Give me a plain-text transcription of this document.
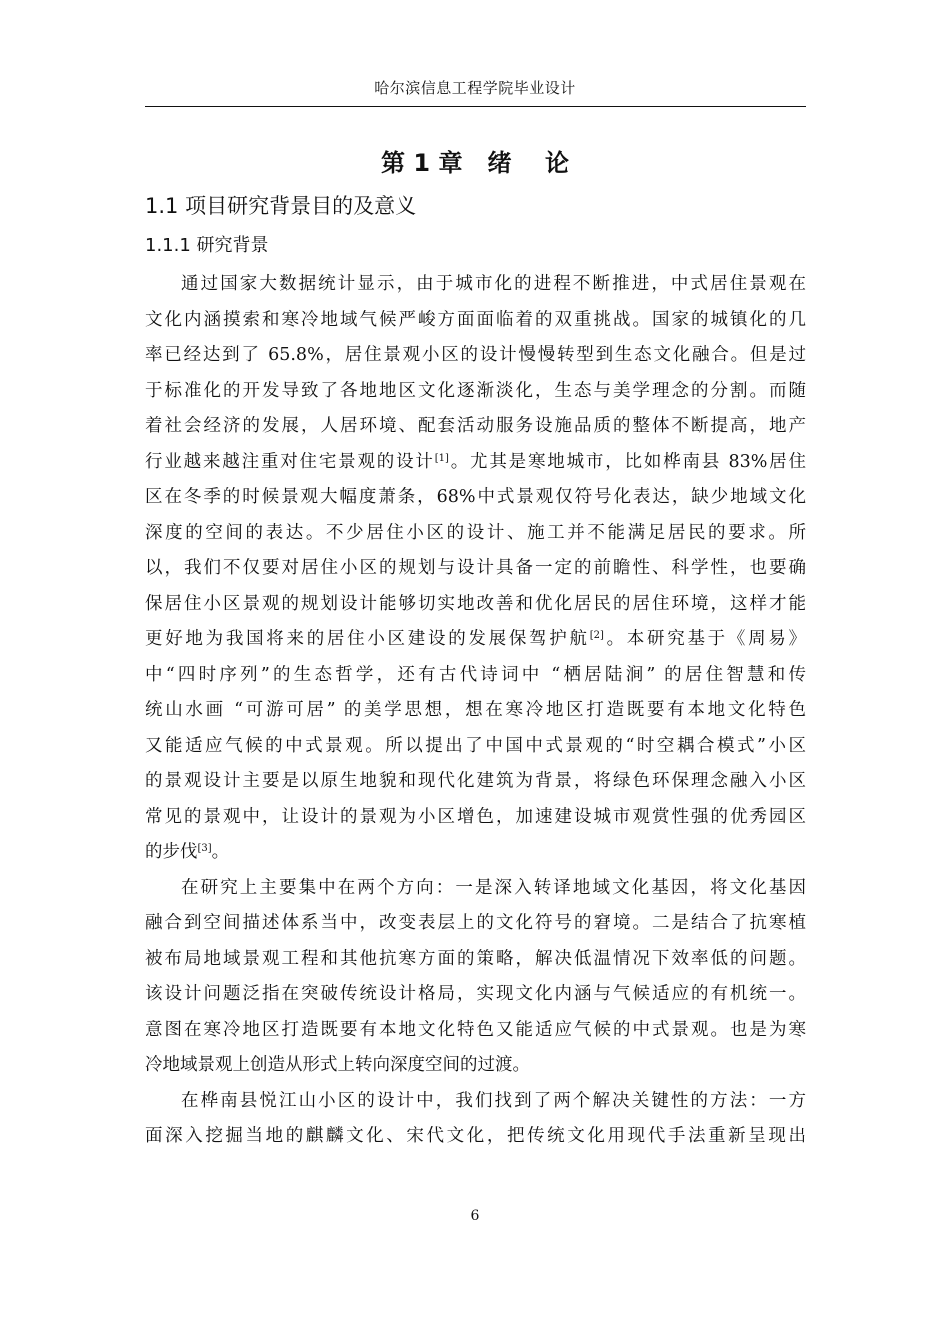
哈尔滨信息工程学院毕业设计
第 1 章   绪    论
1.1 项目研究背景目的及意义
1.1.1 研究背景
通过国家大数据统计显示，由于城市化的进程不断推进，中式居住景观在
文化内涵摸索和寒冷地域气候严峻方面面临着的双重挑战。国家的城镇化的几
率已经达到了 65.8%，居住景观小区的设计慢慢转型到生态文化融合。但是过
于标准化的开发导致了各地地区文化逐渐淡化，生态与美学理念的分割。而随
着社会经济的发展，人居环境、配套活动服务设施品质的整体不断提高，地产
行业越来越注重对住宅景观的设计[1]。尤其是寒地城市，比如桦南县 83%居住
区在冬季的时候景观大幅度萧条，68%中式景观仅符号化表达，缺少地域文化
深度的空间的表达。不少居住小区的设计、施工并不能满足居民的要求。所
以，我们不仅要对居住小区的规划与设计具备一定的前瞻性、科学性，也要确
保居住小区景观的规划设计能够切实地改善和优化居民的居住环境，这样才能
更好地为我国将来的居住小区建设的发展保驾护航[2]。本研究基于《周易》
中“四时序列”的生态哲学，还有古代诗词中 “栖居陆涧” 的居住智慧和传
统山水画 “可游可居” 的美学思想，想在寒冷地区打造既要有本地文化特色
又能适应气候的中式景观。所以提出了中国中式景观的“时空耦合模式”小区
的景观设计主要是以原生地貌和现代化建筑为背景，将绿色环保理念融入小区
常见的景观中，让设计的景观为小区增色，加速建设城市观赏性强的优秀园区
的步伐[3]。
在研究上主要集中在两个方向：一是深入转译地域文化基因，将文化基因
融合到空间描述体系当中，改变表层上的文化符号的窘境。二是结合了抗寒植
被布局地域景观工程和其他抗寒方面的策略，解决低温情况下效率低的问题。
该设计问题泛指在突破传统设计格局，实现文化内涵与气候适应的有机统一。
意图在寒冷地区打造既要有本地文化特色又能适应气候的中式景观。也是为寒
冷地域景观上创造从形式上转向深度空间的过渡。
在桦南县悦江山小区的设计中，我们找到了两个解决关键性的方法：一方
面深入挖掘当地的麒麟文化、宋代文化，把传统文化用现代手法重新呈现出
6
